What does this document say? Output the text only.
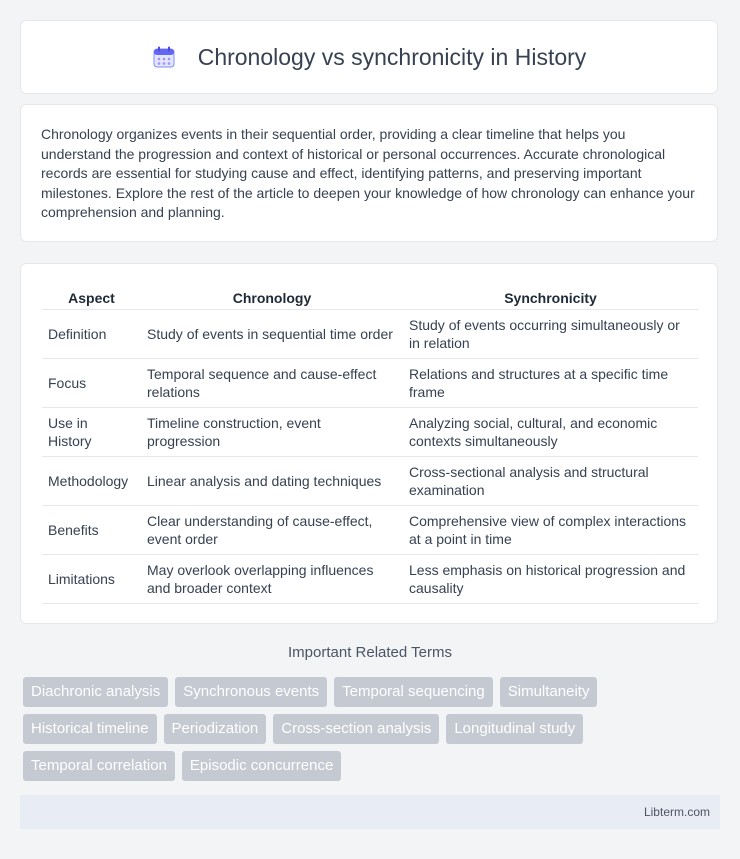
Chronology vs synchronicity in History

Chronology organizes events in their sequential order, providing a clear timeline that helps you understand the progression and context of historical or personal occurrences. Accurate chronological records are essential for studying cause and effect, identifying patterns, and preserving important milestones. Explore the rest of the article to deepen your knowledge of how chronology can enhance your comprehension and planning.

Aspect	Chronology	Synchronicity
Definition	Study of events in sequential time order	Study of events occurring simultaneously or in relation
Focus	Temporal sequence and cause-effect relations	Relations and structures at a specific time frame
Use in History	Timeline construction, event progression	Analyzing social, cultural, and economic contexts simultaneously
Methodology	Linear analysis and dating techniques	Cross-sectional analysis and structural examination
Benefits	Clear understanding of cause-effect, event order	Comprehensive view of complex interactions at a point in time
Limitations	May overlook overlapping influences and broader context	Less emphasis on historical progression and causality
Important Related Terms
Diachronic analysis	Synchronous events	Temporal sequencing	Simultaneity
Historical timeline	Periodization	Cross-section analysis	Longitudinal study
Temporal correlation	Episodic concurrence
Libterm.com
